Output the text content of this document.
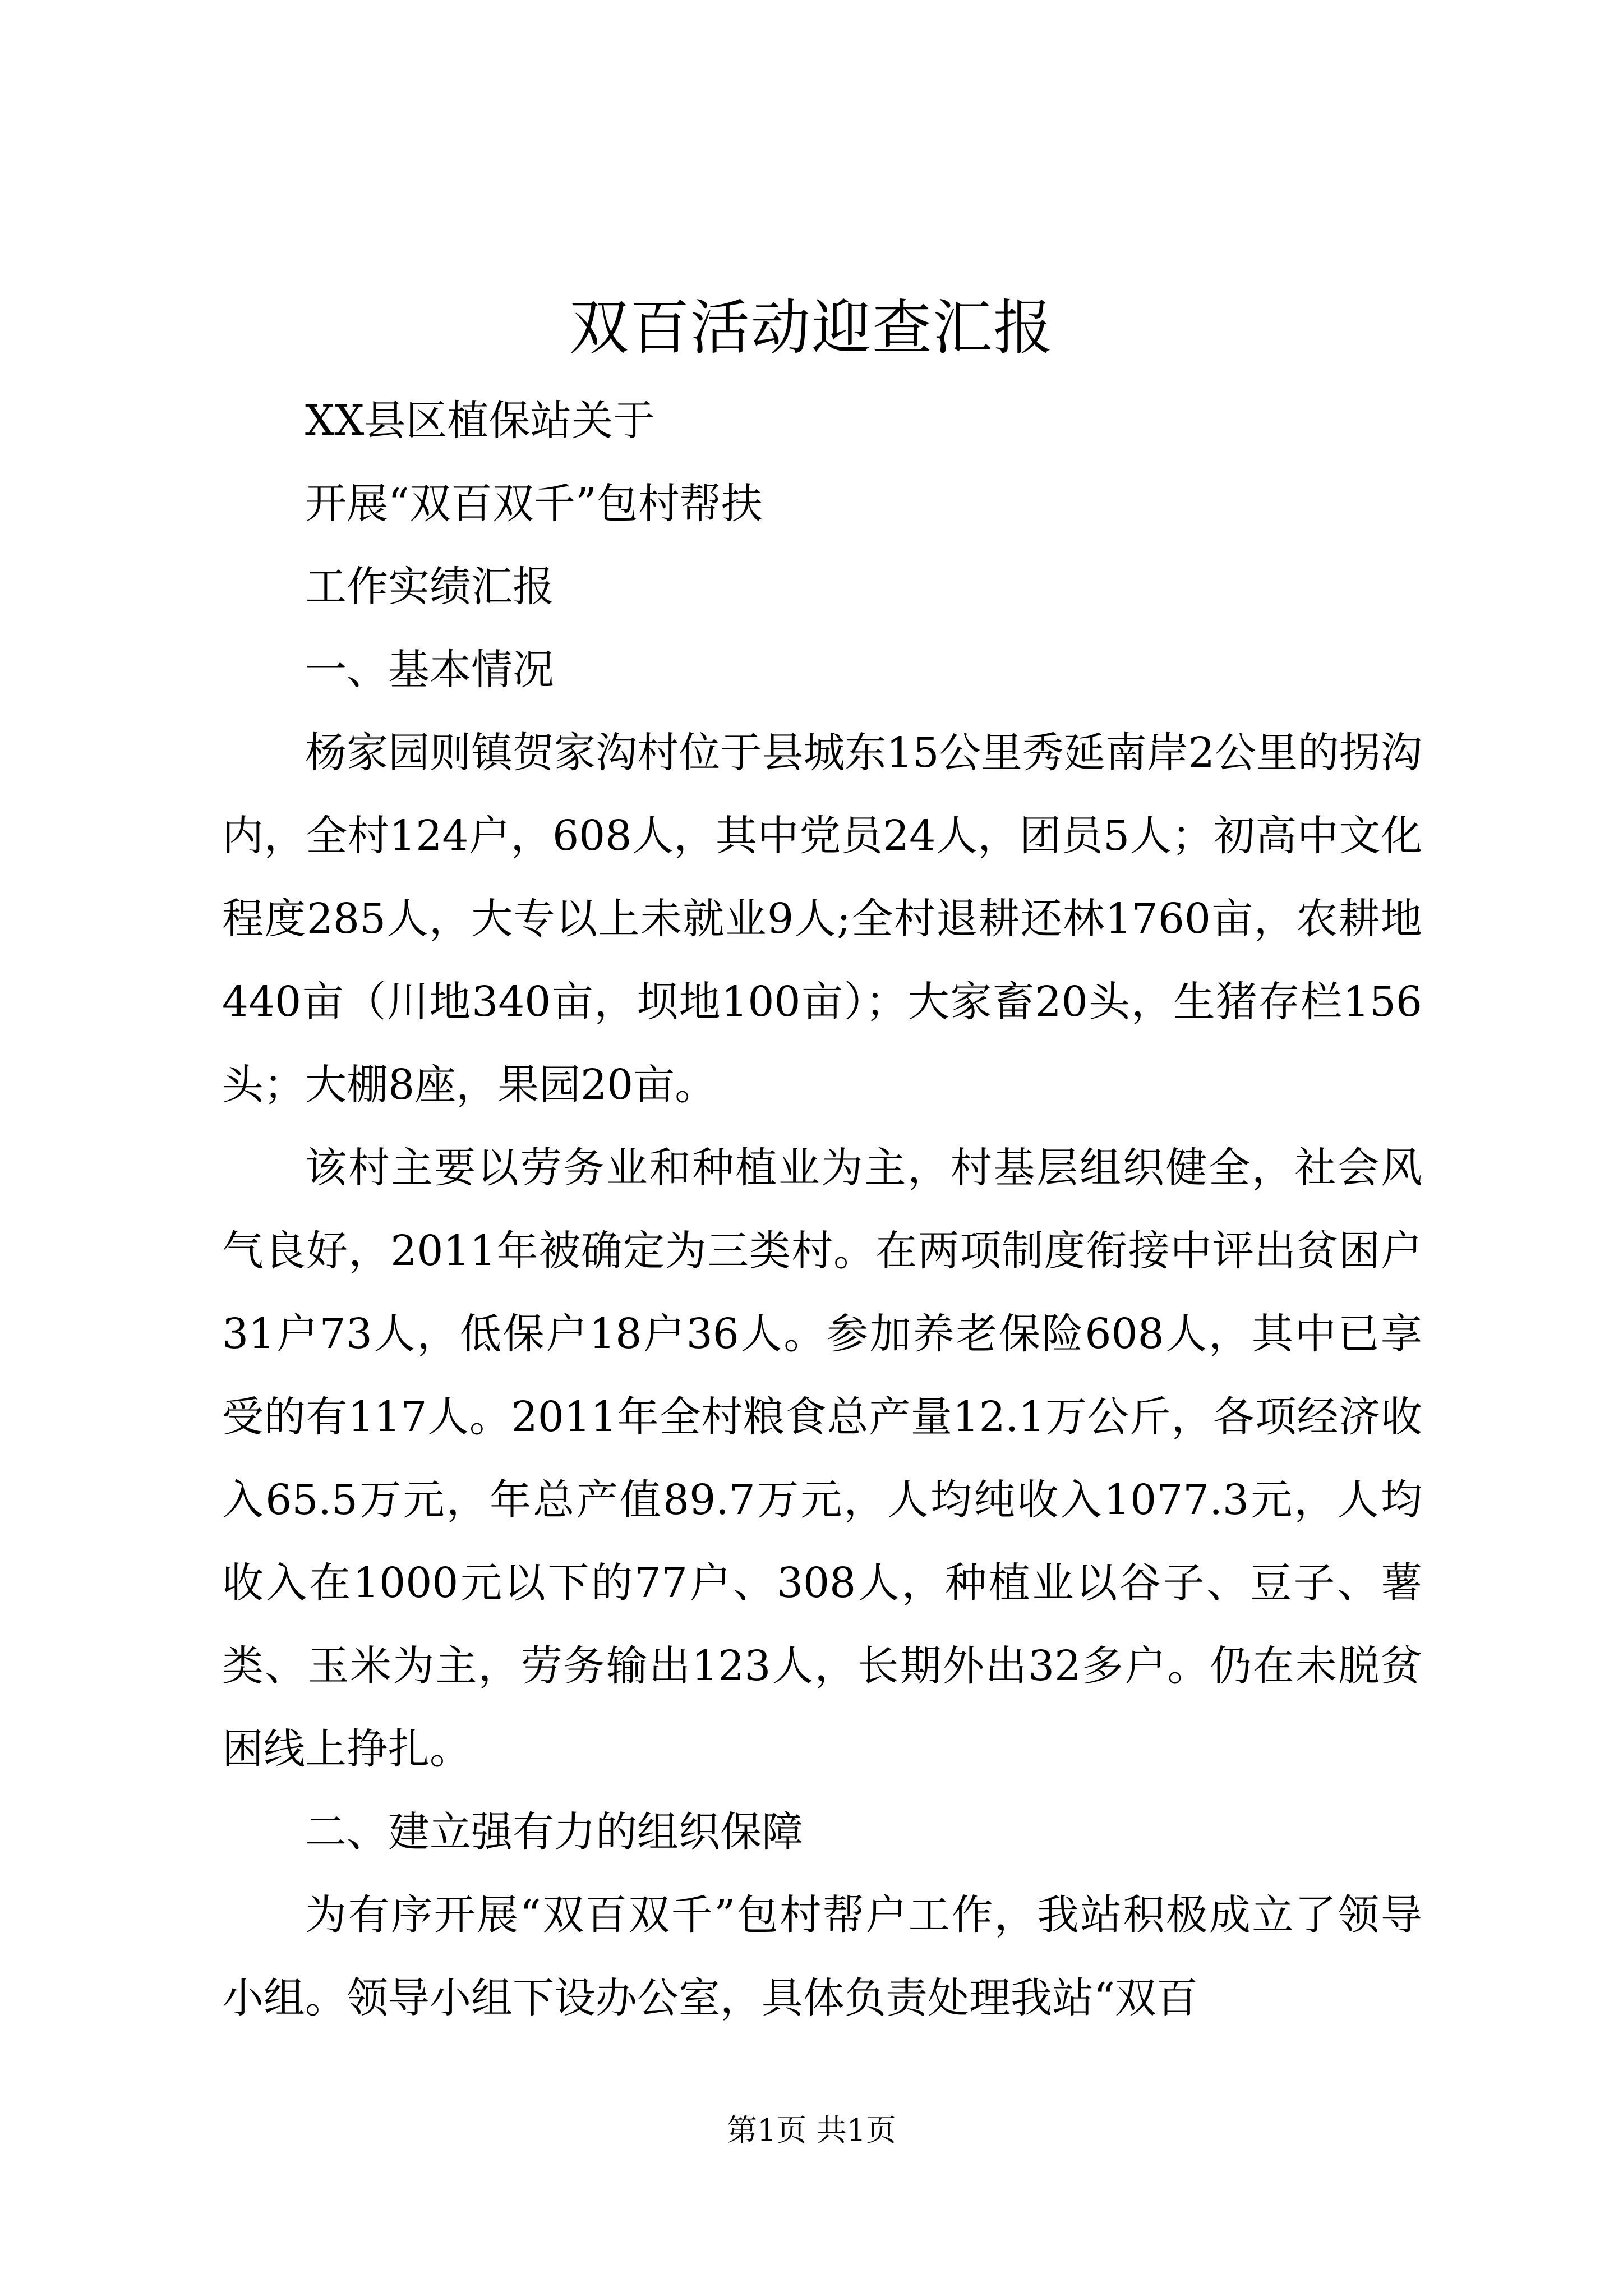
双百活动迎查汇报

XX县区植保站关于

开展“双百双千”包村帮扶

工作实绩汇报

一、基本情况

杨家园则镇贺家沟村位于县城东15公里秀延南岸2公里的拐沟内，全村124户，608人，其中党员24人，团员5人；初高中文化程度285人，大专以上未就业9人;全村退耕还林1760亩，农耕地440亩（川地340亩，坝地100亩）；大家畜20头，生猪存栏156头；大棚8座，果园20亩。

该村主要以劳务业和种植业为主，村基层组织健全，社会风气良好，2011年被确定为三类村。在两项制度衔接中评出贫困户31户73人，低保户18户36人。参加养老保险608人，其中已享受的有117人。2011年全村粮食总产量12.1万公斤，各项经济收入65.5万元，年总产值89.7万元，人均纯收入1077.3元，人均收入在1000元以下的77户、308人，种植业以谷子、豆子、薯类、玉米为主，劳务输出123人，长期外出32多户。仍在未脱贫困线上挣扎。

二、建立强有力的组织保障

为有序开展“双百双千”包村帮户工作，我站积极成立了领导小组。领导小组下设办公室，具体负责处理我站“双百

第1页 共1页
